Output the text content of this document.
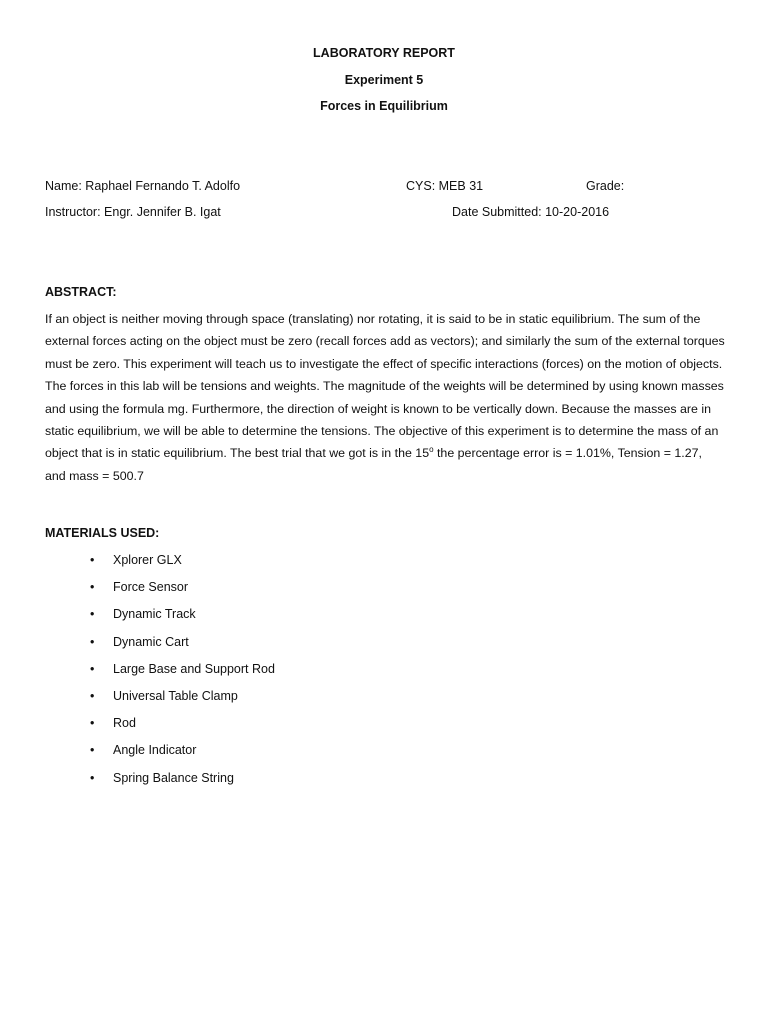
LABORATORY REPORT
Experiment 5
Forces in Equilibrium
Name: Raphael Fernando T. Adolfo	CYS: MEB 31	Grade:
Instructor: Engr. Jennifer B. Igat	Date Submitted: 10-20-2016
ABSTRACT:

If an object is neither moving through space (translating) nor rotating, it is said to be in static equilibrium. The sum of the external forces acting on the object must be zero (recall forces add as vectors); and similarly the sum of the external torques must be zero. This experiment will teach us to investigate the effect of specific interactions (forces) on the motion of objects. The forces in this lab will be tensions and weights. The magnitude of the weights will be determined by using known masses and using the formula mg. Furthermore, the direction of weight is known to be vertically down. Because the masses are in static equilibrium, we will be able to determine the tensions. The objective of this experiment is to determine the mass of an object that is in static equilibrium. The best trial that we got is in the 15$^o$ the percentage error is = 1.01%, Tension = 1.27, and mass = 500.7

MATERIALS USED:
• Xplorer GLX
• Force Sensor
• Dynamic Track
• Dynamic Cart
• Large Base and Support Rod
• Universal Table Clamp
• Rod
• Angle Indicator
• Spring Balance String
